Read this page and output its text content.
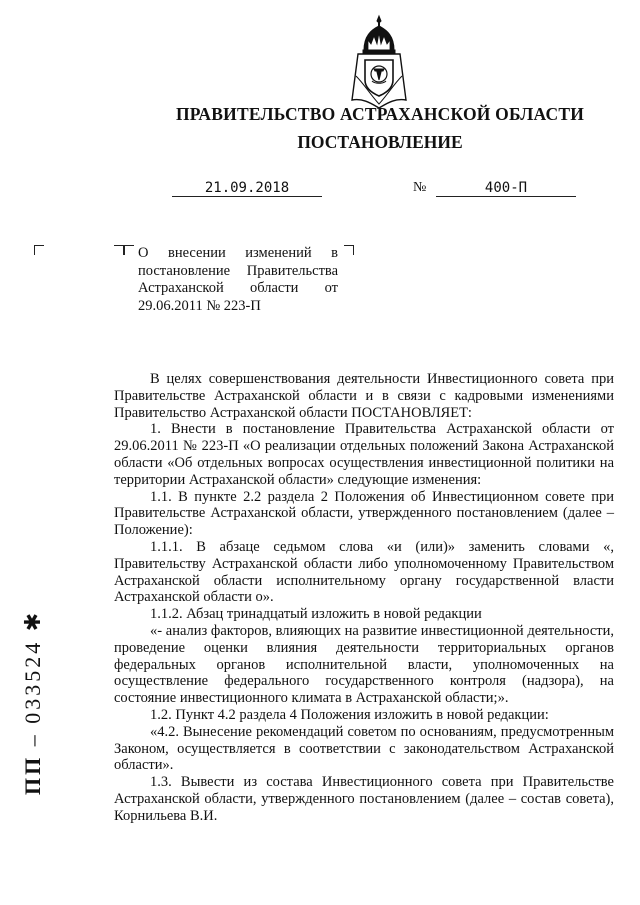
ПРАВИТЕЛЬСТВО АСТРАХАНСКОЙ ОБЛАСТИ
ПОСТАНОВЛЕНИЕ
21.09.2018	№	400-П

О внесении изменений в постановление Правительства Астраханской области от 29.06.2011 № 223-П

В целях совершенствования деятельности Инвестиционного совета при Правительстве Астраханской области и в связи с кадровыми изменениями Правительство Астраханской области ПОСТАНОВЛЯЕТ:

1. Внести в постановление Правительства Астраханской области от 29.06.2011 № 223-П «О реализации отдельных положений Закона Астраханской области «Об отдельных вопросах осуществления инвестиционной политики на территории Астраханской области» следующие изменения:

1.1. В пункте 2.2 раздела 2 Положения об Инвестиционном совете при Правительстве Астраханской области, утвержденного постановлением (далее – Положение):

1.1.1. В абзаце седьмом слова «и (или)» заменить словами «, Правительству Астраханской области либо уполномоченному Правительством Астраханской области исполнительному органу государственной власти Астраханской области о».

1.1.2. Абзац тринадцатый изложить в новой редакции

«- анализ факторов, влияющих на развитие инвестиционной деятельности, проведение оценки влияния деятельности территориальных органов федеральных органов исполнительной власти, уполномоченных на осуществление федерального государственного контроля (надзора), на состояние инвестиционного климата в Астраханской области;».

1.2. Пункт 4.2 раздела 4 Положения изложить в новой редакции:

«4.2. Вынесение рекомендаций советом по основаниям, предусмотренным Законом, осуществляется в соответствии с законодательством Астраханской области».

1.3. Вывести из состава Инвестиционного совета при Правительстве Астраханской области, утвержденного постановлением (далее – состав совета), Корнильева В.И.

ПП – 033524 ✱
